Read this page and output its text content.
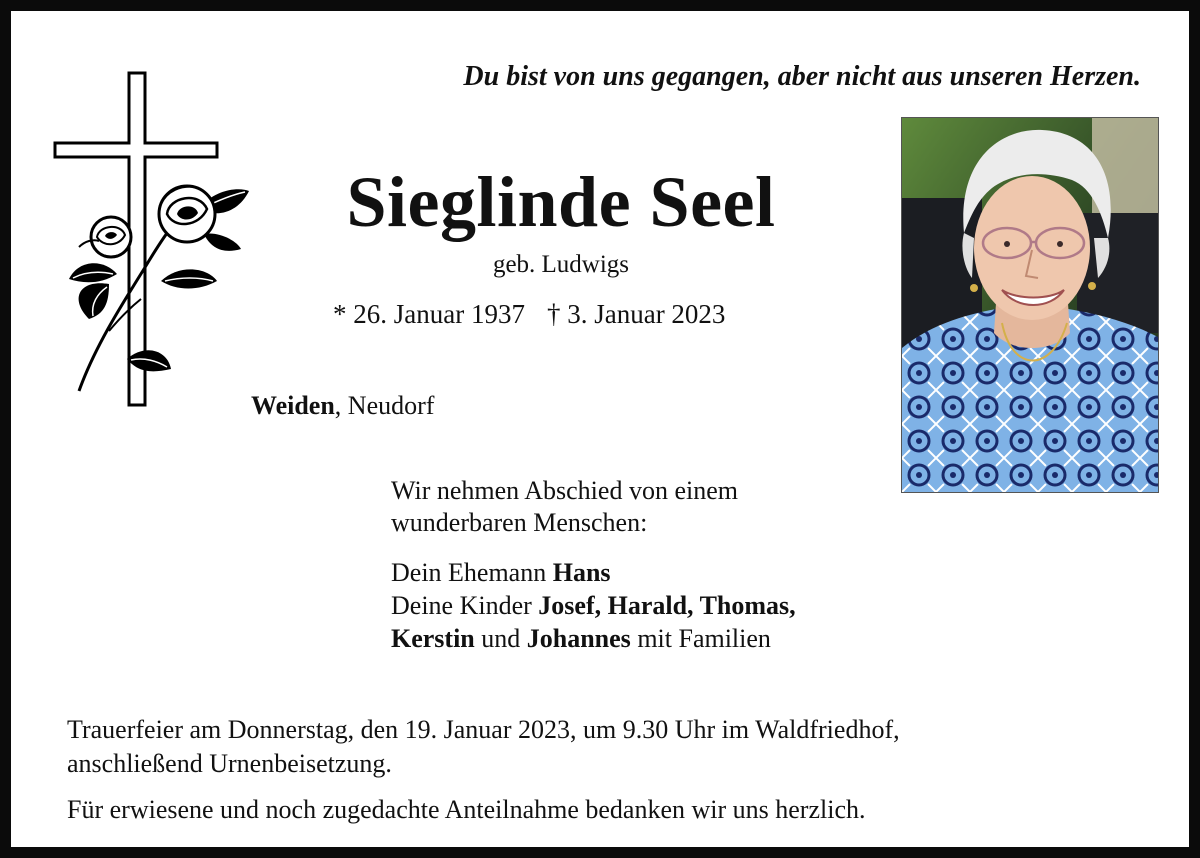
Du bist von uns gegangen, aber nicht aus unseren Herzen.
Sieglinde Seel
geb. Ludwigs
* 26. Januar 1937 † 3. Januar 2023
Weiden, Neudorf
Wir nehmen Abschied von einem
wunderbaren Menschen:
Dein Ehemann Hans
Deine Kinder Josef, Harald, Thomas,
Kerstin und Johannes mit Familien
Trauerfeier am Donnerstag, den 19. Januar 2023, um 9.30 Uhr im Waldfriedhof,
anschließend Urnenbeisetzung.
Für erwiesene und noch zugedachte Anteilnahme bedanken wir uns herzlich.
